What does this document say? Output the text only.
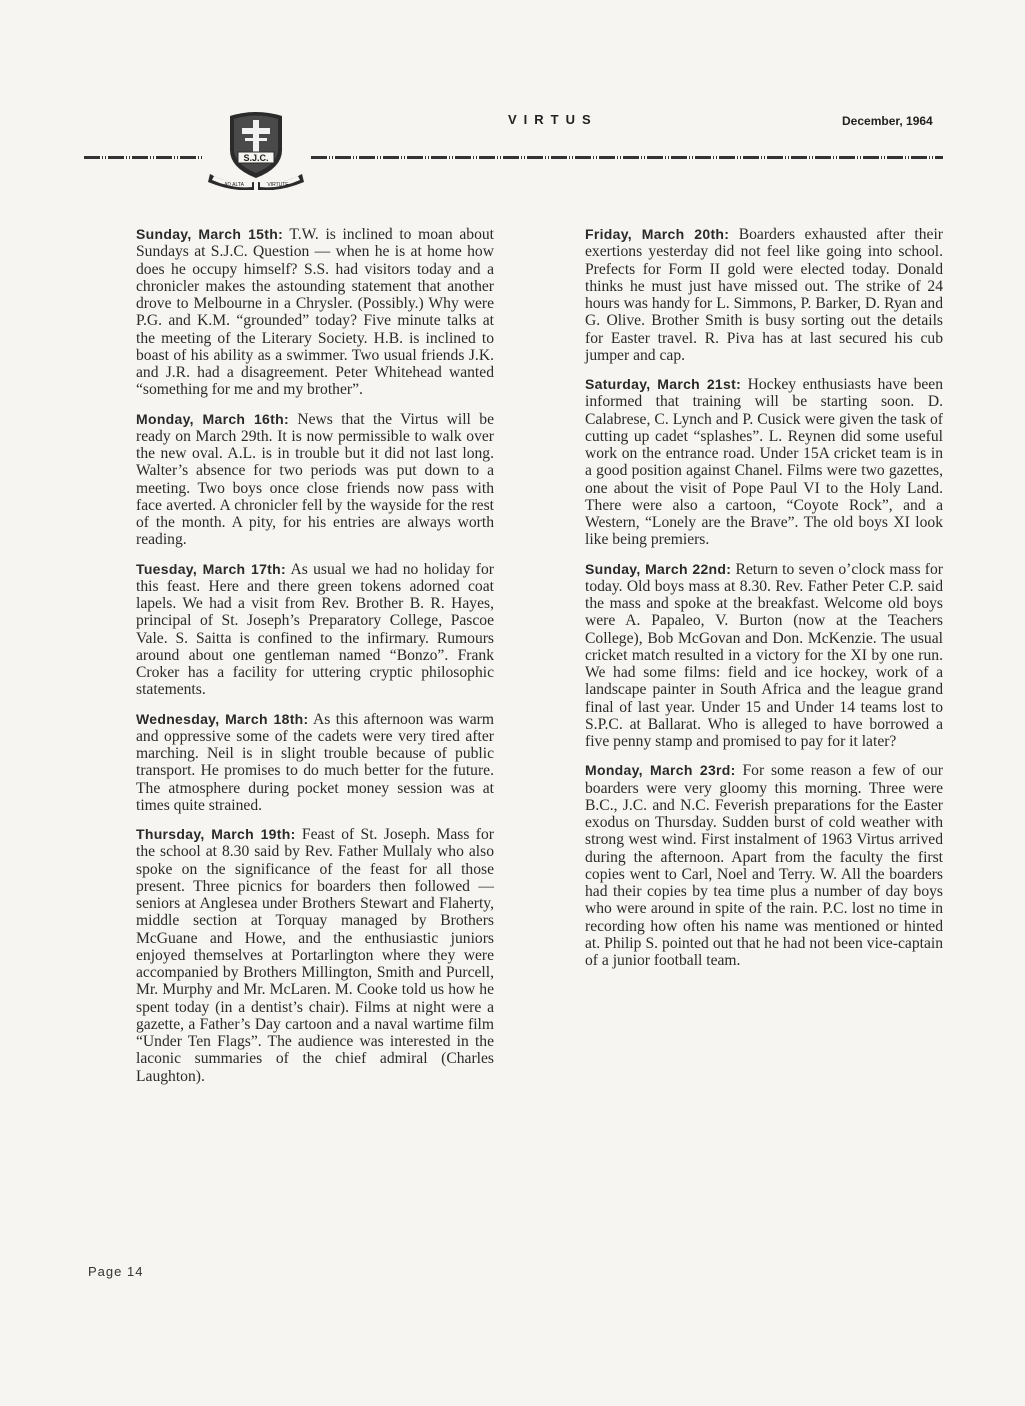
S.J.C.
AD ALTA	VIRTUTE
VIRTUS	December, 1964

Sunday, March 15th: T.W. is inclined to moan about Sundays at S.J.C. Question — when he is at home how does he occupy himself? S.S. had visitors today and a chronicler makes the astounding statement that another drove to Melbourne in a Chrysler. (Possibly.) Why were P.G. and K.M. “grounded” today? Five minute talks at the meeting of the Literary Society. H.B. is inclined to boast of his ability as a swimmer. Two usual friends J.K. and J.R. had a disagreement. Peter Whitehead wanted “something for me and my brother”.

Monday, March 16th: News that the Virtus will be ready on March 29th. It is now permissible to walk over the new oval. A.L. is in trouble but it did not last long. Walter’s absence for two periods was put down to a meeting. Two boys once close friends now pass with face averted. A chronicler fell by the wayside for the rest of the month. A pity, for his entries are always worth reading.

Tuesday, March 17th: As usual we had no holiday for this feast. Here and there green tokens adorned coat lapels. We had a visit from Rev. Brother B. R. Hayes, principal of St. Joseph’s Preparatory College, Pascoe Vale. S. Saitta is confined to the infirmary. Rumours around about one gentleman named “Bonzo”. Frank Croker has a facility for uttering cryptic philosophic statements.

Wednesday, March 18th: As this afternoon was warm and oppressive some of the cadets were very tired after marching. Neil is in slight trouble because of public transport. He promises to do much better for the future. The atmosphere during pocket money session was at times quite strained.

Thursday, March 19th: Feast of St. Joseph. Mass for the school at 8.30 said by Rev. Father Mullaly who also spoke on the significance of the feast for all those present. Three picnics for boarders then followed — seniors at Anglesea under Brothers Stewart and Flaherty, middle section at Torquay managed by Brothers McGuane and Howe, and the enthusiastic juniors enjoyed themselves at Portarlington where they were accompanied by Brothers Millington, Smith and Purcell, Mr. Murphy and Mr. McLaren. M. Cooke told us how he spent today (in a dentist’s chair). Films at night were a gazette, a Father’s Day cartoon and a naval wartime film “Under Ten Flags”. The audience was interested in the laconic summaries of the chief admiral (Charles Laughton).

Friday, March 20th: Boarders exhausted after their exertions yesterday did not feel like going into school. Prefects for Form II gold were elected today. Donald thinks he must just have missed out. The strike of 24 hours was handy for L. Simmons, P. Barker, D. Ryan and G. Olive. Brother Smith is busy sorting out the details for Easter travel. R. Piva has at last secured his cub jumper and cap.

Saturday, March 21st: Hockey enthusiasts have been informed that training will be starting soon. D. Calabrese, C. Lynch and P. Cusick were given the task of cutting up cadet “splashes”. L. Reynen did some useful work on the entrance road. Under 15A cricket team is in a good position against Chanel. Films were two gazettes, one about the visit of Pope Paul VI to the Holy Land. There were also a cartoon, “Coyote Rock”, and a Western, “Lonely are the Brave”. The old boys XI look like being premiers.

Sunday, March 22nd: Return to seven o’clock mass for today. Old boys mass at 8.30. Rev. Father Peter C.P. said the mass and spoke at the breakfast. Welcome old boys were A. Papaleo, V. Burton (now at the Teachers College), Bob McGovan and Don. McKenzie. The usual cricket match resulted in a victory for the XI by one run. We had some films: field and ice hockey, work of a landscape painter in South Africa and the league grand final of last year. Under 15 and Under 14 teams lost to S.P.C. at Ballarat. Who is alleged to have borrowed a five penny stamp and promised to pay for it later?

Monday, March 23rd: For some reason a few of our boarders were very gloomy this morning. Three were B.C., J.C. and N.C. Feverish preparations for the Easter exodus on Thursday. Sudden burst of cold weather with strong west wind. First instalment of 1963 Virtus arrived during the afternoon. Apart from the faculty the first copies went to Carl, Noel and Terry. W. All the boarders had their copies by tea time plus a number of day boys who were around in spite of the rain. P.C. lost no time in recording how often his name was mentioned or hinted at. Philip S. pointed out that he had not been vice-captain of a junior football team.

Page 14
